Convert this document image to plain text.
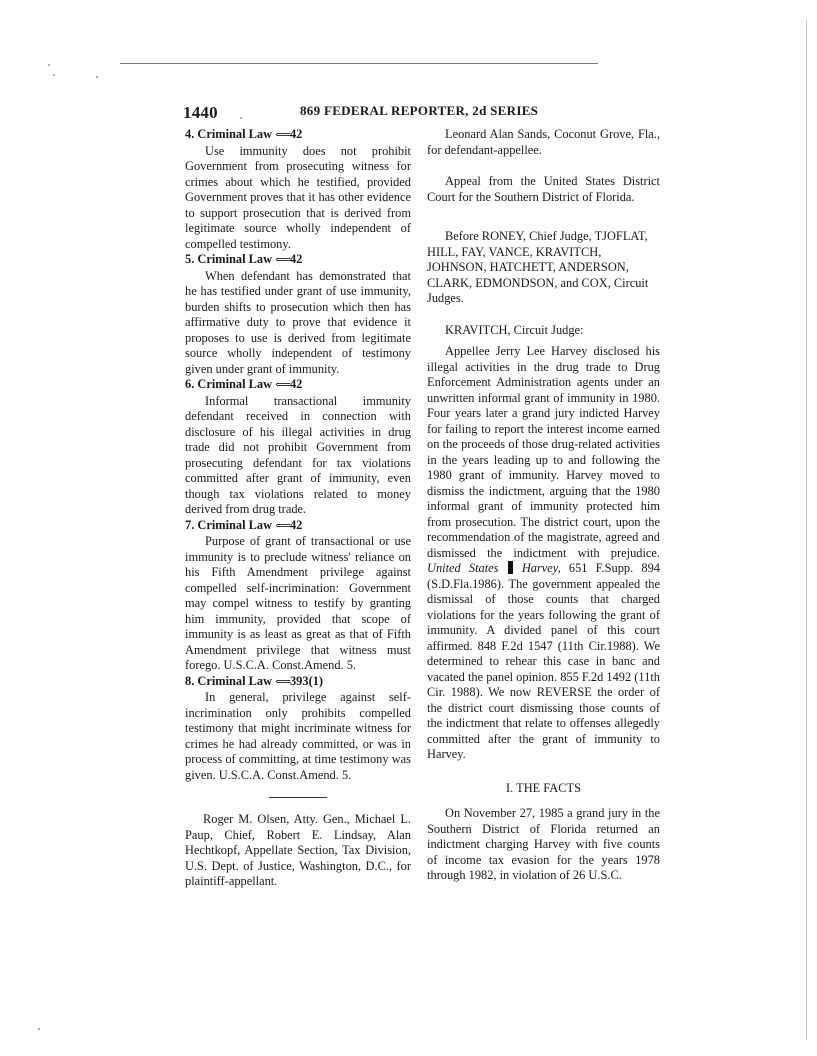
1440	869 FEDERAL REPORTER, 2d SERIES
4. Criminal Law ⟸42
Use immunity does not prohibit Government from prosecuting witness for crimes about which he testified, provided Government proves that it has other evidence to support prosecution that is derived from legitimate source wholly independent of compelled testimony.
5. Criminal Law ⟸42
When defendant has demonstrated that he has testified under grant of use immunity, burden shifts to prosecution which then has affirmative duty to prove that evidence it proposes to use is derived from legitimate source wholly independent of testimony given under grant of immunity.
6. Criminal Law ⟸42
Informal transactional immunity defendant received in connection with disclosure of his illegal activities in drug trade did not prohibit Government from prosecuting defendant for tax violations committed after grant of immunity, even though tax violations related to money derived from drug trade.
7. Criminal Law ⟸42
Purpose of grant of transactional or use immunity is to preclude witness' reliance on his Fifth Amendment privilege against compelled self-incrimination: Government may compel witness to testify by granting him immunity, provided that scope of immunity is as least as great as that of Fifth Amendment privilege that witness must forego. U.S.C.A. Const.Amend. 5.
8. Criminal Law ⟸393(1)
In general, privilege against self-incrimination only prohibits compelled testimony that might incriminate witness for crimes he had already committed, or was in process of committing, at time testimony was given. U.S.C.A. Const.Amend. 5.
Roger M. Olsen, Atty. Gen., Michael L. Paup, Chief, Robert E. Lindsay, Alan Hechtkopf, Appellate Section, Tax Division, U.S. Dept. of Justice, Washington, D.C., for plaintiff-appellant.
Leonard Alan Sands, Coconut Grove, Fla., for defendant-appellee.
Appeal from the United States District Court for the Southern District of Florida.
Before RONEY, Chief Judge, TJOFLAT, HILL, FAY, VANCE, KRAVITCH, JOHNSON, HATCHETT, ANDERSON, CLARK, EDMONDSON, and COX, Circuit Judges.
KRAVITCH, Circuit Judge:
Appellee Jerry Lee Harvey disclosed his illegal activities in the drug trade to Drug Enforcement Administration agents under an unwritten informal grant of immunity in 1980. Four years later a grand jury indicted Harvey for failing to report the interest income earned on the proceeds of those drug-related activities in the years leading up to and following the 1980 grant of immunity. Harvey moved to dismiss the indictment, arguing that the 1980 informal grant of immunity protected him from prosecution. The district court, upon the recommendation of the magistrate, agreed and dismissed the indictment with prejudice. United States Harvey, 651 F.Supp. 894 (S.D.Fla.1986). The government appealed the dismissal of those counts that charged violations for the years following the grant of immunity. A divided panel of this court affirmed. 848 F.2d 1547 (11th Cir.1988). We determined to rehear this case in banc and vacated the panel opinion. 855 F.2d 1492 (11th Cir. 1988). We now REVERSE the order of the district court dismissing those counts of the indictment that relate to offenses allegedly committed after the grant of immunity to Harvey.
I. THE FACTS
On November 27, 1985 a grand jury in the Southern District of Florida returned an indictment charging Harvey with five counts of income tax evasion for the years 1978 through 1982, in violation of 26 U.S.C.
